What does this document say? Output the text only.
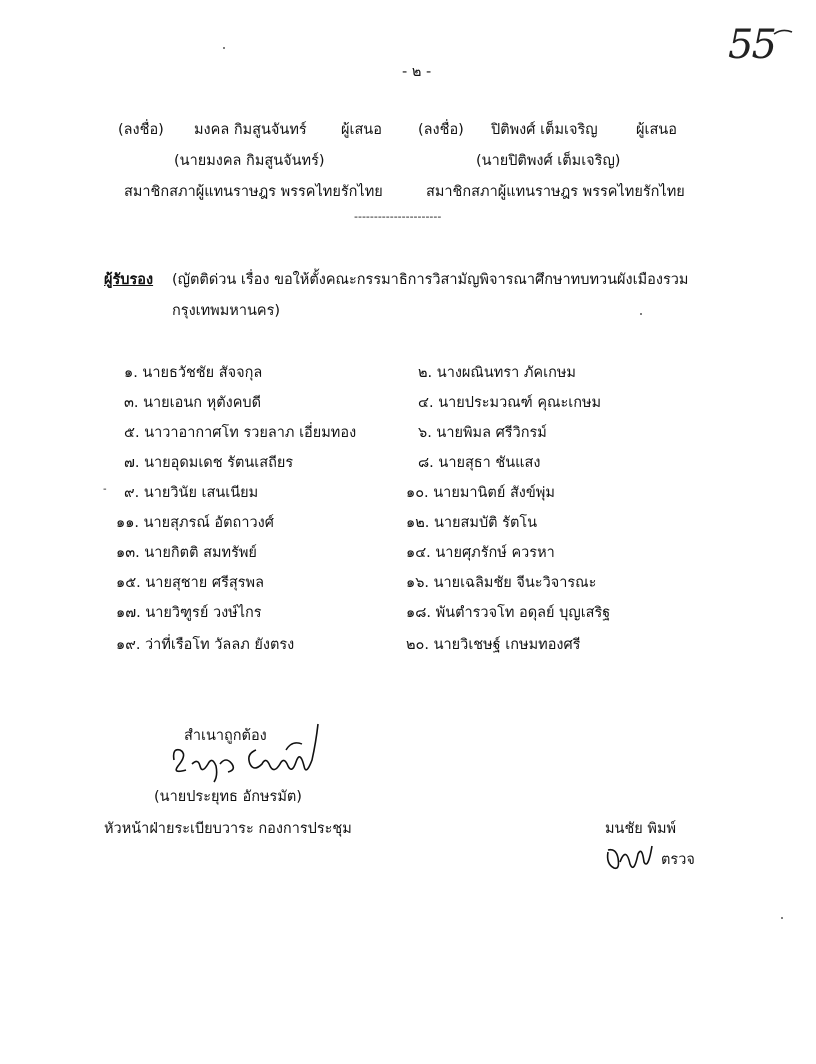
55
- ๒ -
(ลงชื่อ) มงคล กิมสูนจันทร์ ผู้เสนอ
(นายมงคล กิมสูนจันทร์)
สมาชิกสภาผู้แทนราษฎร พรรคไทยรักไทย
(ลงชื่อ) ปิติพงศ์ เต็มเจริญ	ผู้เสนอ
(นายปิติพงศ์ เต็มเจริญ)
สมาชิกสภาผู้แทนราษฎร พรรคไทยรักไทย
----------------------
ผู้รับรอง (ญัตติด่วน เรื่อง ขอให้ตั้งคณะกรรมาธิการวิสามัญพิจารณาศึกษาทบทวนผังเมืองรวม
กรุงเทพมหานคร)
๑. นายธวัชชัย สัจจกุล
๓. นายเอนก หุตังคบดี
๕. นาวาอากาศโท รวยลาภ เอี่ยมทอง
๗. นายอุดมเดช รัตนเสถียร
- ๙. นายวินัย เสนเนียม
๑๑. นายสุภรณ์ อัตถาวงศ์
๑๓. นายกิตติ สมทรัพย์
๑๕. นายสุชาย ศรีสุรพล
๑๗. นายวิฑูรย์ วงษ์ไกร
๑๙. ว่าที่เรือโท วัลลภ ยังตรง
๒. นางผณินทรา ภัคเกษม
๔. นายประมวณฑ์ คุณะเกษม
๖. นายพิมล ศรีวิกรม์
๘. นายสุธา ชันแสง
๑๐. นายมานิตย์ สังข์พุ่ม
๑๒. นายสมบัติ รัตโน
๑๔. นายศุภรักษ์ ควรหา
๑๖. นายเฉลิมชัย จีนะวิจารณะ
๑๘. พันตำรวจโท อดุลย์ บุญเสริฐ
๒๐. นายวิเชษฐ์ เกษมทองศรี
สำเนาถูกต้อง
(นายประยุทธ อักษรมัต)
หัวหน้าฝ่ายระเบียบวาระ กองการประชุม	มนชัย พิมพ์
ตรวจ
